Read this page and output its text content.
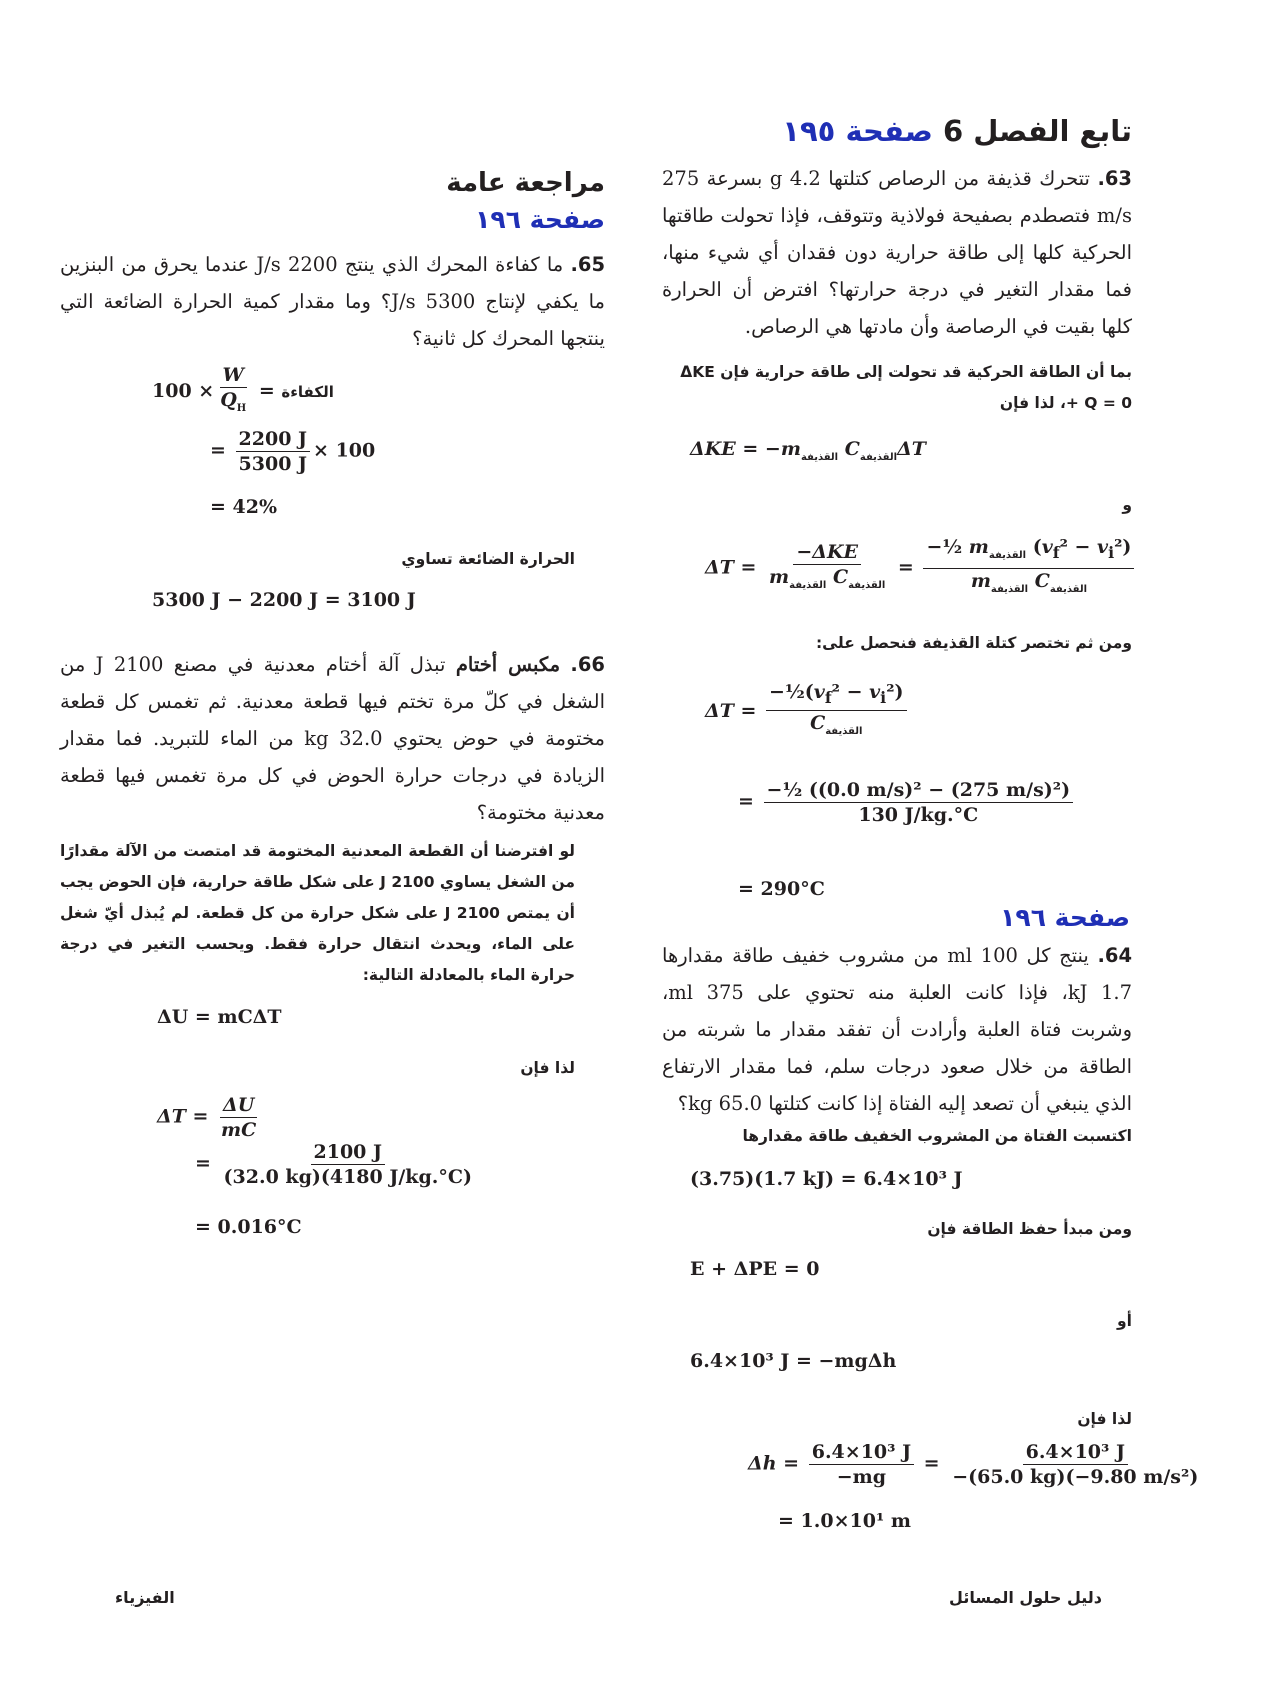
تابع الفصل 6 صفحة ١٩٥
63. تتحرك قذيفة من الرصاص كتلتها 4.2 g بسرعة 275 m/s فتصطدم بصفيحة فولاذية وتتوقف، فإذا تحولت طاقتها الحركية كلها إلى طاقة حرارية دون فقدان أي شيء منها، فما مقدار التغير في درجة حرارتها؟ افترض أن الحرارة كلها بقيت في الرصاصة وأن مادتها هي الرصاص.
بما أن الطاقة الحركية قد تحولت إلى طاقة حرارية فإن ΔKE + Q = 0، لذا فإن
$\Delta KE = -m_{القذيفة}$ $C_{القذيفة}\Delta T$
و
$\Delta T = \frac{\text{−ΔKE}}{m_{القذيفة} C_{القذيفة}} = \frac{-\frac{1}{2} m_{القذيفة} (v_f^2 - v_i^2)}{m_{القذيفة} C_{القذيفة}}$
ومن ثم تختصر كتلة القذيفة فنحصل على:
$\Delta T = \frac{-\frac{1}{2}(v_f^2 - v_i^2)}{C_{القذيفة}}$
= $\frac{\text{−½ ((0.0 m/s)² − (275 m/s)²)}}{130 J/kg.^\circ C}$
= 290°C
صفحة ١٩٦
64. ينتج كل 100 ml من مشروب خفيف طاقة مقدارها 1.7 kJ، فإذا كانت العلبة منه تحتوي على 375 ml، وشربت فتاة العلبة وأرادت أن تفقد مقدار ما شربته من الطاقة من خلال صعود درجات سلم، فما مقدار الارتفاع الذي ينبغي أن تصعد إليه الفتاة إذا كانت كتلتها 65.0 kg؟
اكتسبت الفتاة من المشروب الخفيف طاقة مقدارها
(3.75)(1.7 kJ) = 6.4×10³ J
ومن مبدأ حفظ الطاقة فإن
E + ΔPE = 0
أو
6.4×10³ J = −mgΔh
لذا فإن
$\Delta h = \frac{\text{6.4×10³ J}}{-mg} = \frac{\text{6.4×10³ J}}{\text{−(65.0 kg)(−9.80 m/s²)}}$
= 1.0×10¹ m
مراجعة عامة
صفحة ١٩٦
65. ما كفاءة المحرك الذي ينتج 2200 J/s عندما يحرق من البنزين ما يكفي لإنتاج 5300 J/s؟ وما مقدار كمية الحرارة الضائعة التي ينتجها المحرك كل ثانية؟
الكفاءة =
$\frac{W}{Q_H}$
× 100
= $\frac{2200 J}{5300 J} \times 100$
= 42%
الحرارة الضائعة تساوي
5300 J − 2200 J = 3100 J
66. مكبس أختام تبذل آلة أختام معدنية في مصنع 2100 J من الشغل في كلّ مرة تختم فيها قطعة معدنية. ثم تغمس كل قطعة مختومة في حوض يحتوي 32.0 kg من الماء للتبريد. فما مقدار الزيادة في درجات حرارة الحوض في كل مرة تغمس فيها قطعة معدنية مختومة؟
لو افترضنا أن القطعة المعدنية المختومة قد امتصت من الآلة مقدارًا من الشغل يساوي 2100 J على شكل طاقة حرارية، فإن الحوض يجب أن يمتص 2100 J على شكل حرارة من كل قطعة. لم يُبذل أيّ شغل على الماء، ويحدث انتقال حرارة فقط. ويحسب التغير في درجة حرارة الماء بالمعادلة التالية:
ΔU = mCΔT
لذا فإن
$\Delta T = \frac{\Delta U}{mC}$
= $\frac{2100 J}{(32.0 kg)(4180 J/kg.^\circ C)}$
= 0.016°C
دليل حلول المسائل
الفيزياء
